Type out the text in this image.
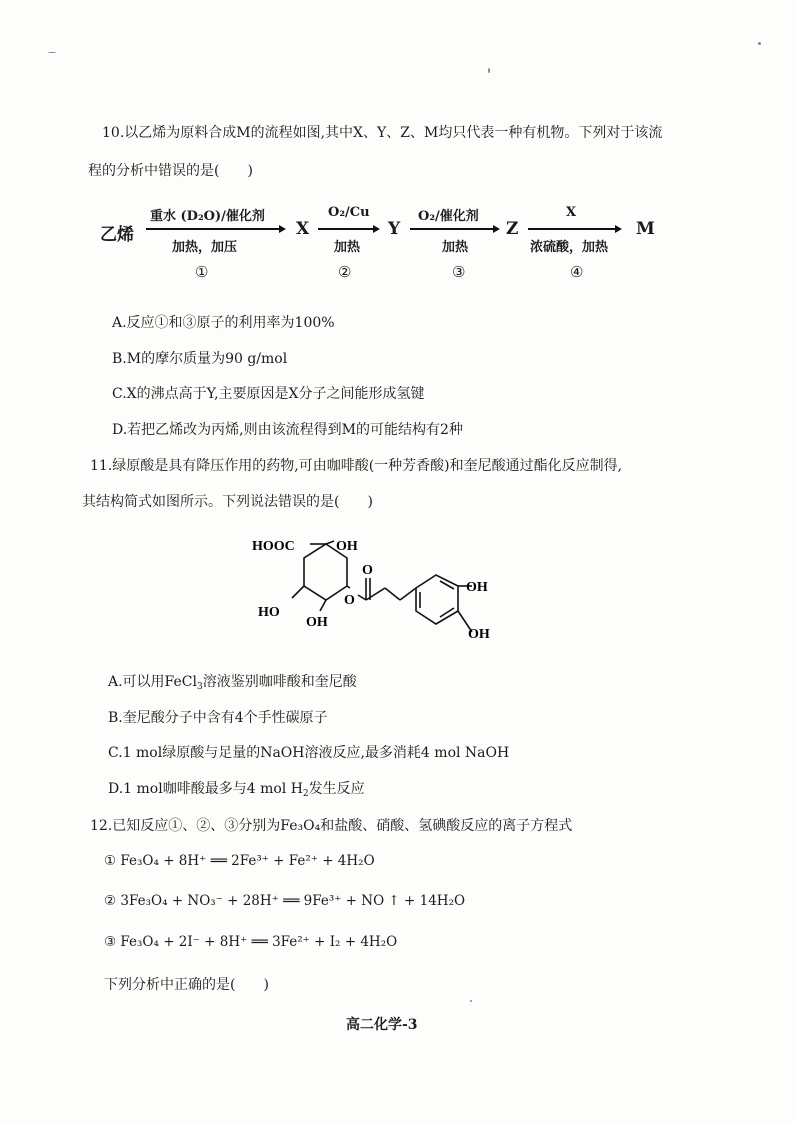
10.以乙烯为原料合成M的流程如图,其中X、Y、Z、M均只代表一种有机物。下列对于该流
程的分析中错误的是(　　)
乙烯
重水 (D₂O)/催化剂
加热，加压
①
X
O₂/Cu
加热
②
Y
O₂/催化剂
加热
③
Z
X
浓硫酸，加热
④
M
A.反应①和③原子的利用率为100%
B.M的摩尔质量为90 g/mol
C.X的沸点高于Y,主要原因是X分子之间能形成氢键
D.若把乙烯改为丙烯,则由该流程得到M的可能结构有2种
11.绿原酸是具有降压作用的药物,可由咖啡酸(一种芳香酸)和奎尼酸通过酯化反应制得,
其结构简式如图所示。下列说法错误的是(　　)
HOOC	OH
HO
OH
O
O
OH
OH
A.可以用FeCl$_3$溶液鉴别咖啡酸和奎尼酸
B.奎尼酸分子中含有4个手性碳原子
C.1 mol绿原酸与足量的NaOH溶液反应,最多消耗4 mol NaOH
D.1 mol咖啡酸最多与4 mol $H_2$发生反应
12.已知反应①、②、③分别为Fe₃O₄和盐酸、硝酸、氢碘酸反应的离子方程式
① Fe₃O₄ + 8H⁺ ══ 2Fe³⁺ + Fe²⁺ + 4H₂O
② 3Fe₃O₄ + NO₃⁻ + 28H⁺ ══ 9Fe³⁺ + NO ↑ + 14H₂O
③ Fe₃O₄ + 2I⁻ + 8H⁺ ══ 3Fe²⁺ + I₂ + 4H₂O
下列分析中正确的是(　　)
高二化学-3
